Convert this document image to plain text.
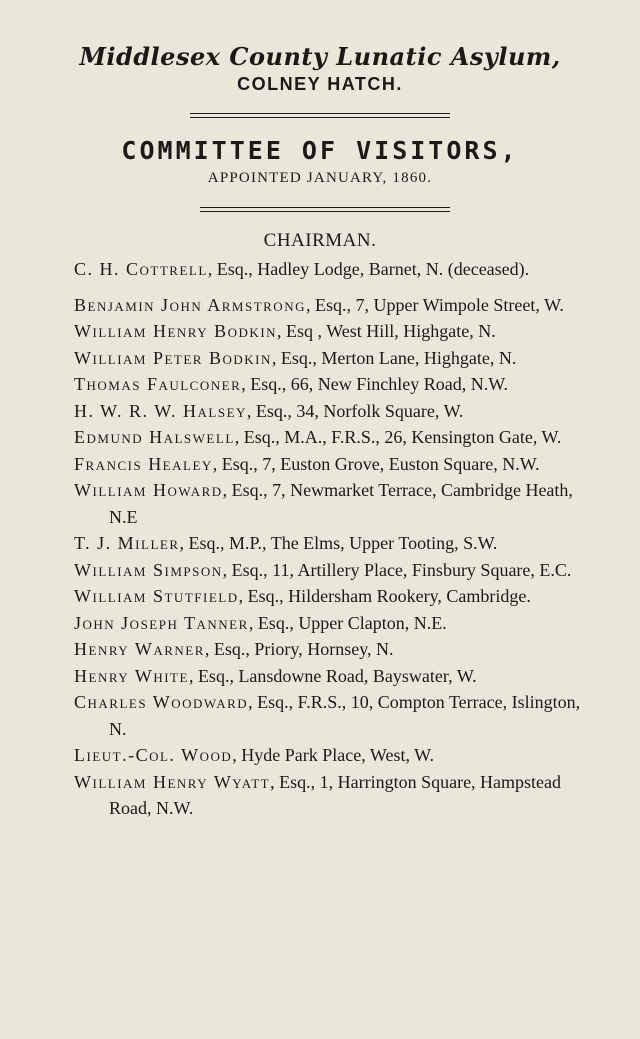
Middlesex County Lunatic Asylum,
COLNEY HATCH.
COMMITTEE OF VISITORS,
APPOINTED JANUARY, 1860.
CHAIRMAN.
C. H. Cottrell, Esq., Hadley Lodge, Barnet, N. (deceased).
Benjamin John Armstrong, Esq., 7, Upper Wimpole Street, W.
William Henry Bodkin, Esq , West Hill, Highgate, N.
William Peter Bodkin, Esq., Merton Lane, Highgate, N.
Thomas Faulconer, Esq., 66, New Finchley Road, N.W.
H. W. R. W. Halsey, Esq., 34, Norfolk Square, W.
Edmund Halswell, Esq., M.A., F.R.S., 26, Kensington Gate, W.
Francis Healey, Esq., 7, Euston Grove, Euston Square, N.W.
William Howard, Esq., 7, Newmarket Terrace, Cambridge Heath, N.E
T. J. Miller, Esq., M.P., The Elms, Upper Tooting, S.W.
William Simpson, Esq., 11, Artillery Place, Finsbury Square, E.C.
William Stutfield, Esq., Hildersham Rookery, Cambridge.
John Joseph Tanner, Esq., Upper Clapton, N.E.
Henry Warner, Esq., Priory, Hornsey, N.
Henry White, Esq., Lansdowne Road, Bayswater, W.
Charles Woodward, Esq., F.R.S., 10, Compton Terrace, Islington, N.
Lieut.-Col. Wood, Hyde Park Place, West, W.
William Henry Wyatt, Esq., 1, Harrington Square, Hampstead Road, N.W.
